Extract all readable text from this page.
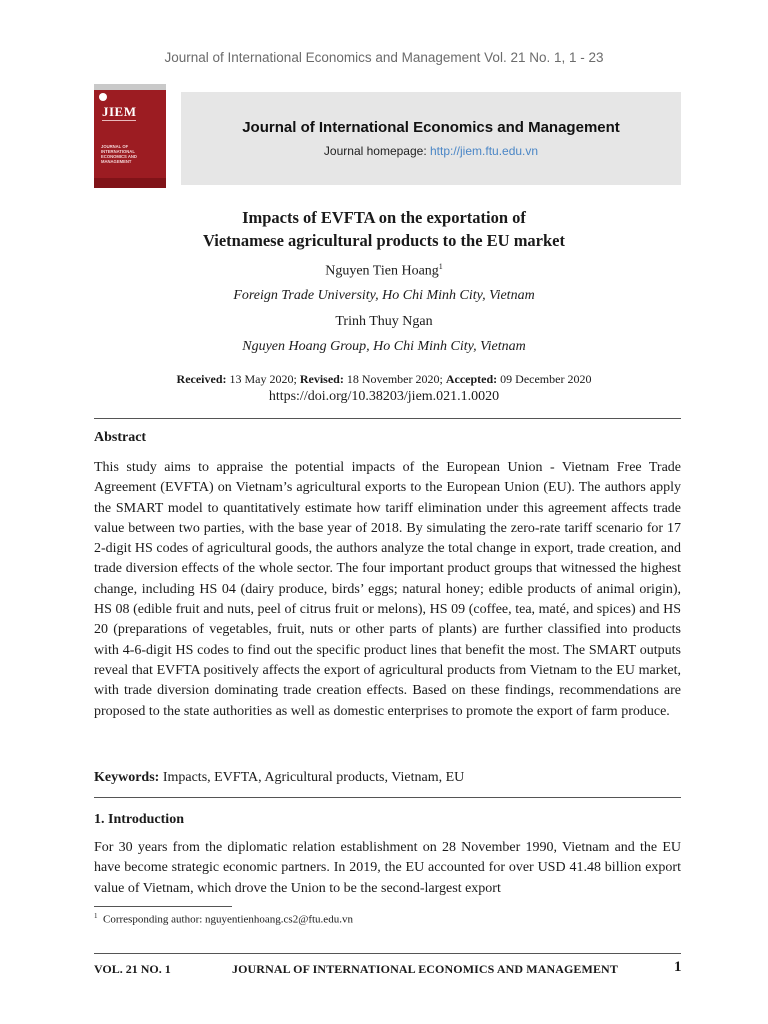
Journal of International Economics and Management Vol. 21 No. 1, 1 - 23
JIEM
JOURNAL OF INTERNATIONAL ECONOMICS AND MANAGEMENT
Journal of International Economics and Management
Journal homepage: http://jiem.ftu.edu.vn
Impacts of EVFTA on the exportation of
Vietnamese agricultural products to the EU market
Nguyen Tien Hoang$^1$
Foreign Trade University, Ho Chi Minh City, Vietnam
Trinh Thuy Ngan
Nguyen Hoang Group, Ho Chi Minh City, Vietnam
Received: 13 May 2020; Revised: 18 November 2020; Accepted: 09 December 2020
https://doi.org/10.38203/jiem.021.1.0020
Abstract

This study aims to appraise the potential impacts of the European Union - Vietnam Free Trade Agreement (EVFTA) on Vietnam’s agricultural exports to the European Union (EU). The authors apply the SMART model to quantitatively estimate how tariff elimination under this agreement affects trade value between two parties, with the base year of 2018. By simulating the zero-rate tariff scenario for 17 2-digit HS codes of agricultural goods, the authors analyze the total change in export, trade creation, and trade diversion effects of the whole sector. The four important product groups that witnessed the highest change, including HS 04 (dairy produce, birds’ eggs; natural honey; edible products of animal origin), HS 08 (edible fruit and nuts, peel of citrus fruit or melons), HS 09 (coffee, tea, maté, and spices) and HS 20 (preparations of vegetables, fruit, nuts or other parts of plants) are further classified into products with 4-6-digit HS codes to find out the specific product lines that benefit the most. The SMART outputs reveal that EVFTA positively affects the export of agricultural products from Vietnam to the EU market, with trade diversion dominating trade creation effects. Based on these findings, recommendations are proposed to the state authorities as well as domestic enterprises to promote the export of farm produce.

Keywords: Impacts, EVFTA, Agricultural products, Vietnam, EU
1. Introduction

For 30 years from the diplomatic relation establishment on 28 November 1990, Vietnam and the EU have become strategic economic partners. In 2019, the EU accounted for over USD 41.48 billion export value of Vietnam, which drove the Union to be the second-largest export

$^1$ Corresponding author: nguyentienhoang.cs2@ftu.edu.vn
VOL. 21 NO. 1	JOURNAL OF INTERNATIONAL ECONOMICS AND MANAGEMENT	1
